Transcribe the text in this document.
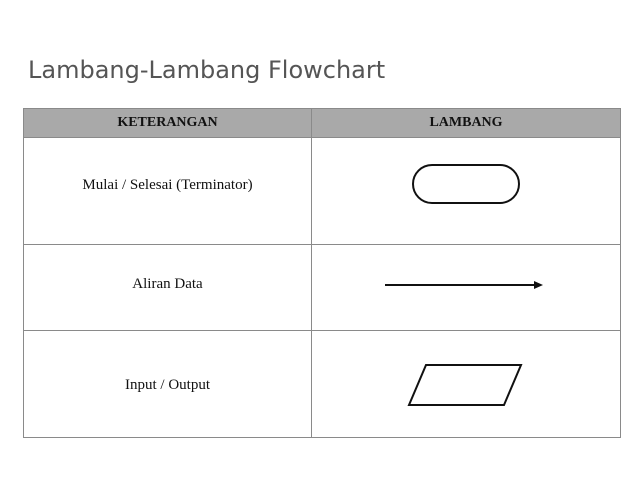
Lambang-Lambang Flowchart
KETERANGAN	LAMBANG
Mulai / Selesai (Terminator)	

Aliran Data	

Input / Output	
